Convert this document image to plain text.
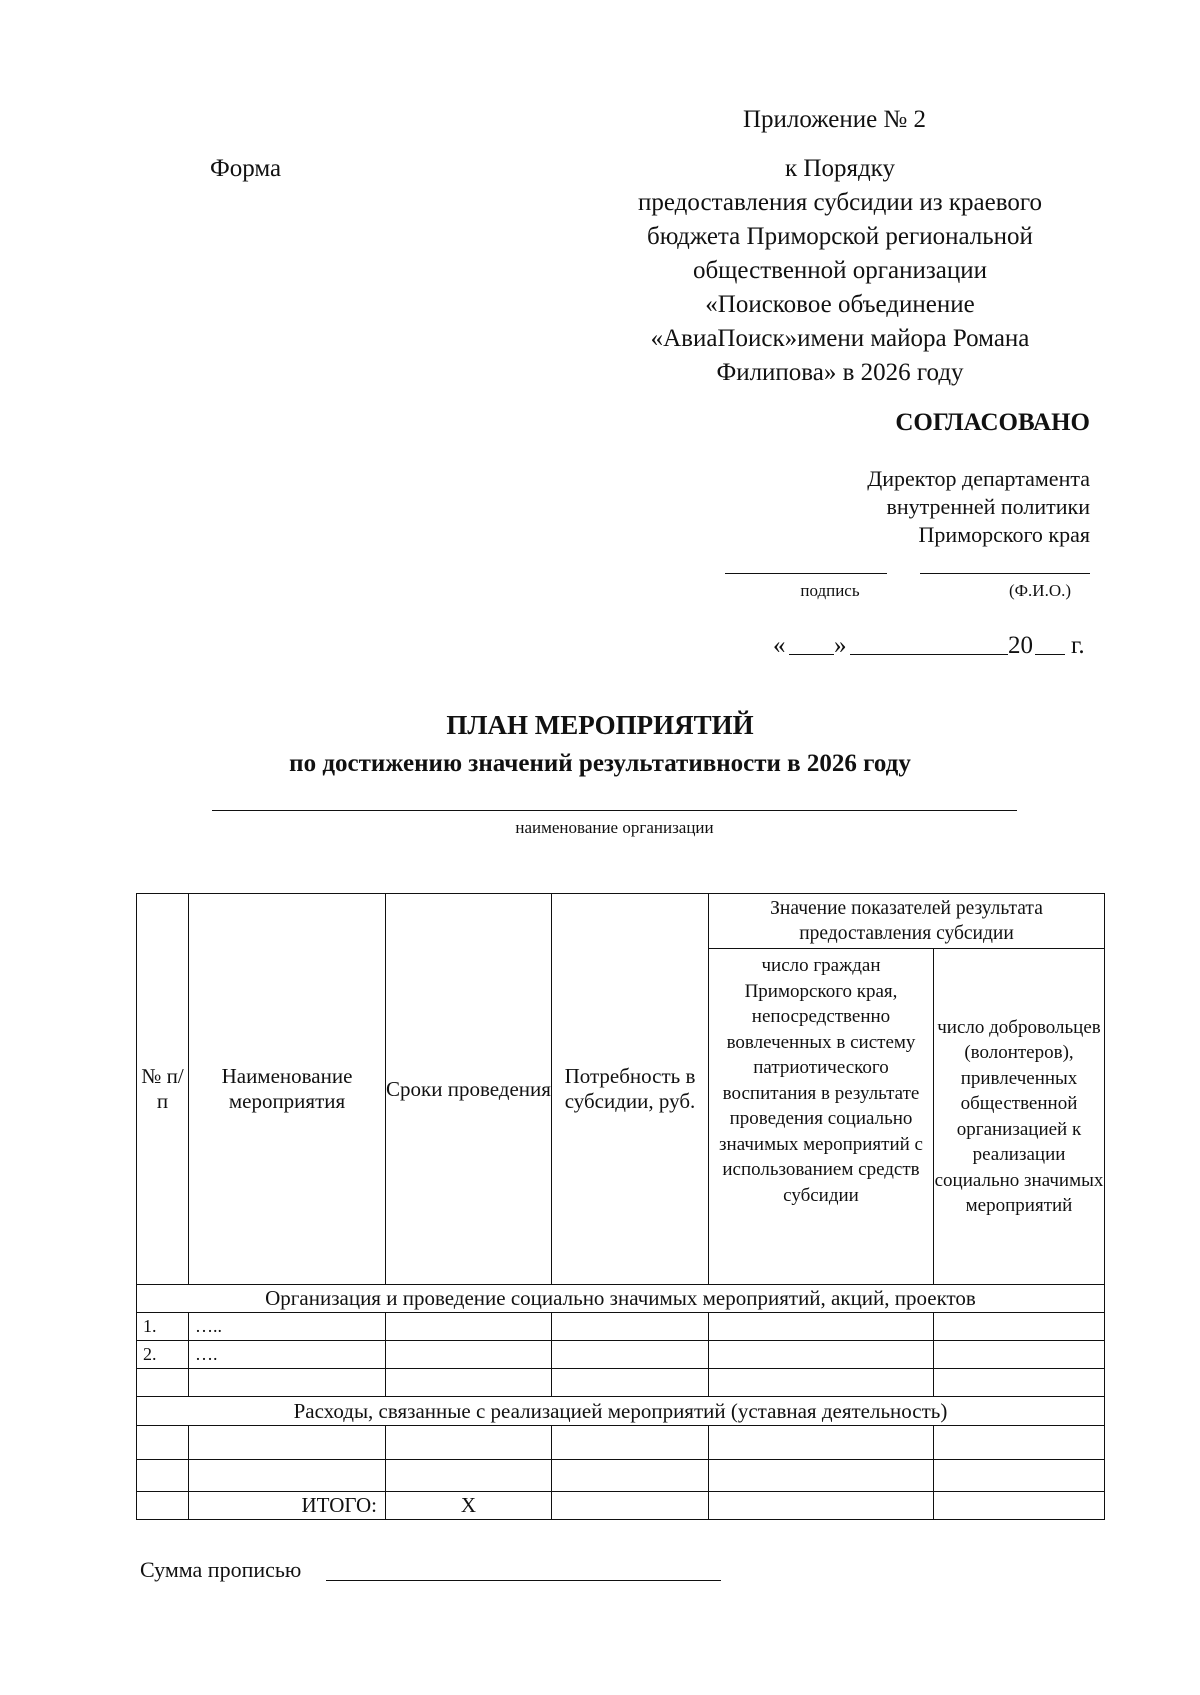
Приложение № 2
Форма	к Порядку
предоставления субсидии из краевого
бюджета Приморской региональной
общественной организации
«Поисковое объединение
«АвиаПоиск»имени майора Романа
Филипова» в 2026 году
СОГЛАСОВАНО
Директор департамента
внутренней политики
Приморского края
подпись	(Ф.И.О.)
« »	20 г.
ПЛАН МЕРОПРИЯТИЙ
по достижению значений результативности в 2026 году
наименование организации
№ п/п	Наименование мероприятия	Сроки проведения	Потребность в субсидии, руб.	Значение показателей результата предоставления субсидии	
				число граждан Приморского края, непосредственно вовлеченных в систему патриотического воспитания в результате проведения социально значимых мероприятий с использованием средств субсидии	число добровольцев (волонтеров), привлеченных общественной организацией к реализации социально значимых мероприятий
Организация и проведение социально значимых мероприятий, акций, проектов					
1.	…..				
2.	….				

Расходы, связанные с реализацией мероприятий (уставная деятельность)					

	ИТОГО:	Х			
Сумма прописью
